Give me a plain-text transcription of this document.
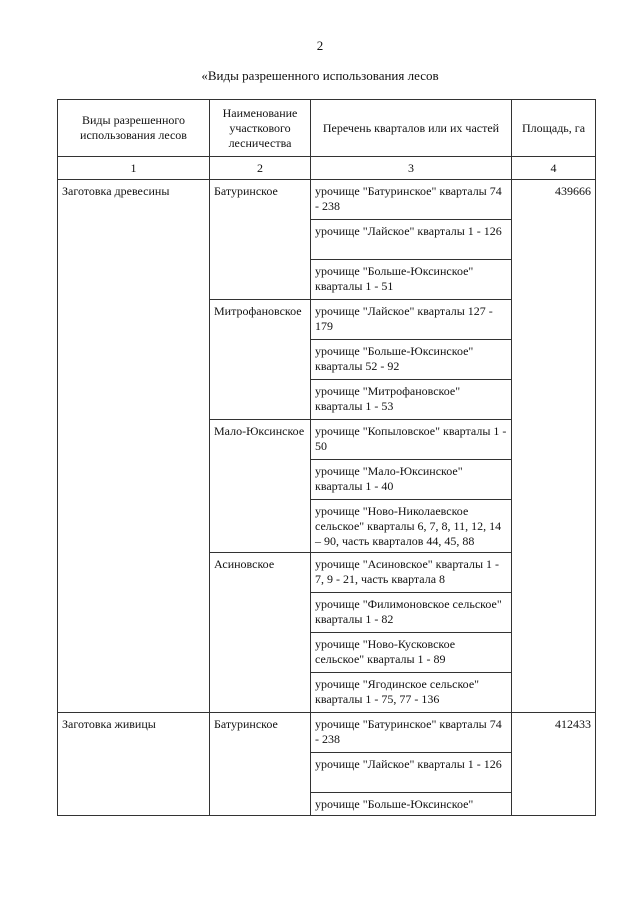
2
«Виды разрешенного использования лесов
Виды разрешенного использования лесов	Наименование участкового лесничества	Перечень кварталов или их частей	Площадь, га
1	2	3	4
Заготовка древесины	Батуринское	урочище "Батуринское" кварталы 74 - 238	439666
		урочище "Лайское" кварталы 1 - 126	
		урочище "Больше-Юксинское" кварталы 1 - 51	
	Митрофановское	урочище "Лайское" кварталы 127 - 179	
		урочище "Больше-Юксинское" кварталы 52 - 92	
		урочище "Митрофановское" кварталы 1 - 53	
	Мало-Юксинское	урочище "Копыловское" кварталы 1 - 50	
		урочище "Мало-Юксинское" кварталы 1 - 40	
		урочище "Ново-Николаевское сельское" кварталы 6, 7, 8, 11, 12, 14 – 90, часть кварталов 44, 45, 88	
	Асиновское	урочище "Асиновское" кварталы 1 - 7, 9 - 21, часть квартала 8	
		урочище "Филимоновское сельское" кварталы 1 - 82	
		урочище "Ново-Кусковское сельское" кварталы 1 - 89	
		урочище "Ягодинское сельское" кварталы 1 - 75, 77 - 136	
Заготовка живицы	Батуринское	урочище "Батуринское" кварталы 74 - 238	412433
		урочище "Лайское" кварталы 1 - 126	
		урочище "Больше-Юксинское"	
